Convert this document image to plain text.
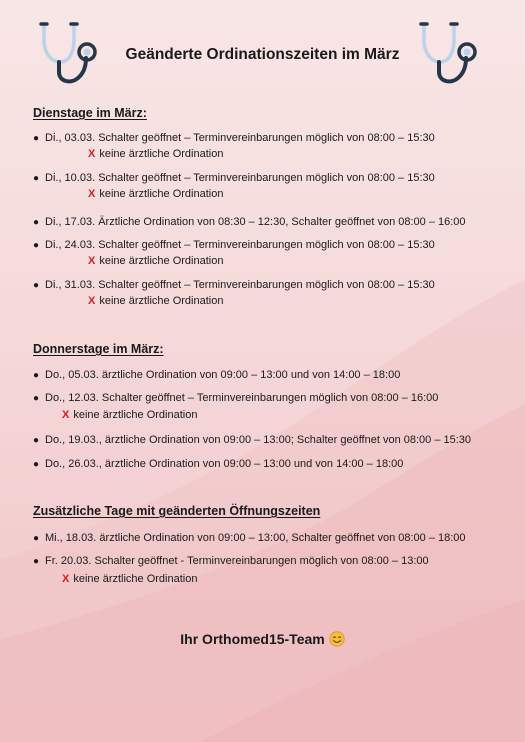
Geänderte Ordinationszeiten im März
Dienstage im März:
● Di., 03.03. Schalter geöffnet – Terminvereinbarungen möglich von 08:00 – 15:30
X keine ärztliche Ordination
● Di., 10.03. Schalter geöffnet – Terminvereinbarungen möglich von 08:00 – 15:30
X keine ärztliche Ordination
● Di., 17.03. Ärztliche Ordination von 08:30 – 12:30, Schalter geöffnet von 08:00 – 16:00
● Di., 24.03. Schalter geöffnet – Terminvereinbarungen möglich von 08:00 – 15:30
X keine ärztliche Ordination
● Di., 31.03. Schalter geöffnet – Terminvereinbarungen möglich von 08:00 – 15:30
X keine ärztliche Ordination
Donnerstage im März:
● Do., 05.03. ärztliche Ordination von 09:00 – 13:00 und von 14:00 – 18:00
● Do., 12.03. Schalter geöffnet – Terminvereinbarungen möglich von 08:00 – 16:00
X keine ärztliche Ordination
● Do., 19.03., ärztliche Ordination von 09:00 – 13:00; Schalter geöffnet von 08:00 – 15:30
● Do., 26.03., ärztliche Ordination von 09:00 – 13:00 und von 14:00 – 18:00
Zusätzliche Tage mit geänderten Öffnungszeiten
● Mi., 18.03. ärztliche Ordination von 09:00 – 13:00, Schalter geöffnet von 08:00 – 18:00
● Fr. 20.03. Schalter geöffnet - Terminvereinbarungen möglich von 08:00 – 13:00
X keine ärztliche Ordination
Ihr Orthomed15-Team
